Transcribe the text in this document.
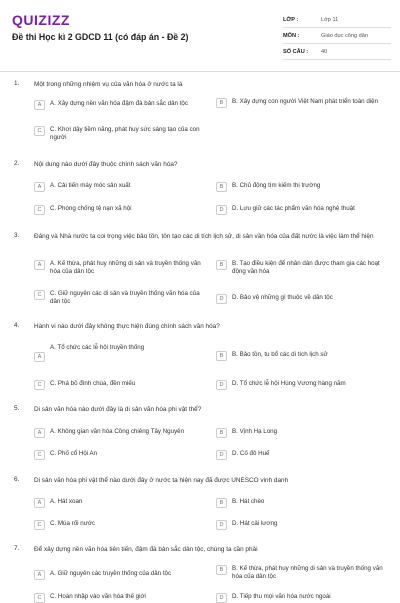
QUIZIZZ
Đề thi Học kì 2 GDCD 11 (có đáp án - Đề 2)
LỚP :	Lớp 11
MÔN :	Giáo dục công dân
SỐ CÂU :	40
1. Một trong những nhiệm vụ của văn hóa ở nước ta là
A	A. Xây dựng nền văn hóa đậm đà bản sắc dân tộc	B	B. Xây dựng con người Việt Nam phát triển toàn diện
C	C. Khơi dậy tiềm năng, phát huy sức sáng tạo của con người
2. Nội dung nào dưới đây thuộc chính sách văn hóa?
A	A. Cải tiến máy móc sản xuất	B	B. Chủ động tìm kiếm thị trường
C	C. Phòng chống tệ nạn xã hội	D	D. Lưu giữ các tác phẩm văn hóa nghệ thuật
3. Đảng và Nhà nước ta coi trọng việc bảo tồn, tôn tạo các di tích lịch sử, di sản văn hóa của đất nước là việc làm thể hiện
A	A. Kế thừa, phát huy những di sản và truyền thống văn hóa của dân tộc
B	B. Tạo điều kiện để nhân dân được tham gia các hoạt động văn hóa
C	C. Giữ nguyên các di sản và truyền thống văn hóa của dân tộc	D	D. Bảo vệ những gì thuộc về dân tộc
4. Hành vi nào dưới đây không thực hiện đúng chính sách văn hóa?
A
A. Tổ chức các lễ hội truyền thống
B	B. Bảo tồn, tu bổ các di tích lịch sử
C	C. Phá bỏ đình chùa, đền miếu	D	D. Tổ chức lễ hội Hùng Vương hàng năm
5. Di sản văn hóa nào dưới đây là di sản văn hóa phi vật thể?
A	A. Không gian văn hóa Cồng chiêng Tây Nguyên	B	B. Vịnh Hạ Long
C	C. Phố cổ Hội An	D	D. Cố đô Huế
6. Di sản văn hóa phi vật thể nào dưới đây ở nước ta hiện nay đã được UNESCO vinh danh
A	A. Hát xoan	B	B. Hát chèo
C	C. Múa rối nước	D	D. Hát cải lương
7. Để xây dựng nền văn hóa tiên tiến, đậm đà bản sắc dân tộc, chúng ta cần phải
A	A. Giữ nguyên các truyền thống của dân tộc	B	B. Kế thừa, phát huy những di sản và truyền thống văn hóa của dân tộc
C	C. Hoàn nhập vào văn hóa thế giới	D	D. Tiếp thu mọi văn hóa nước ngoài
